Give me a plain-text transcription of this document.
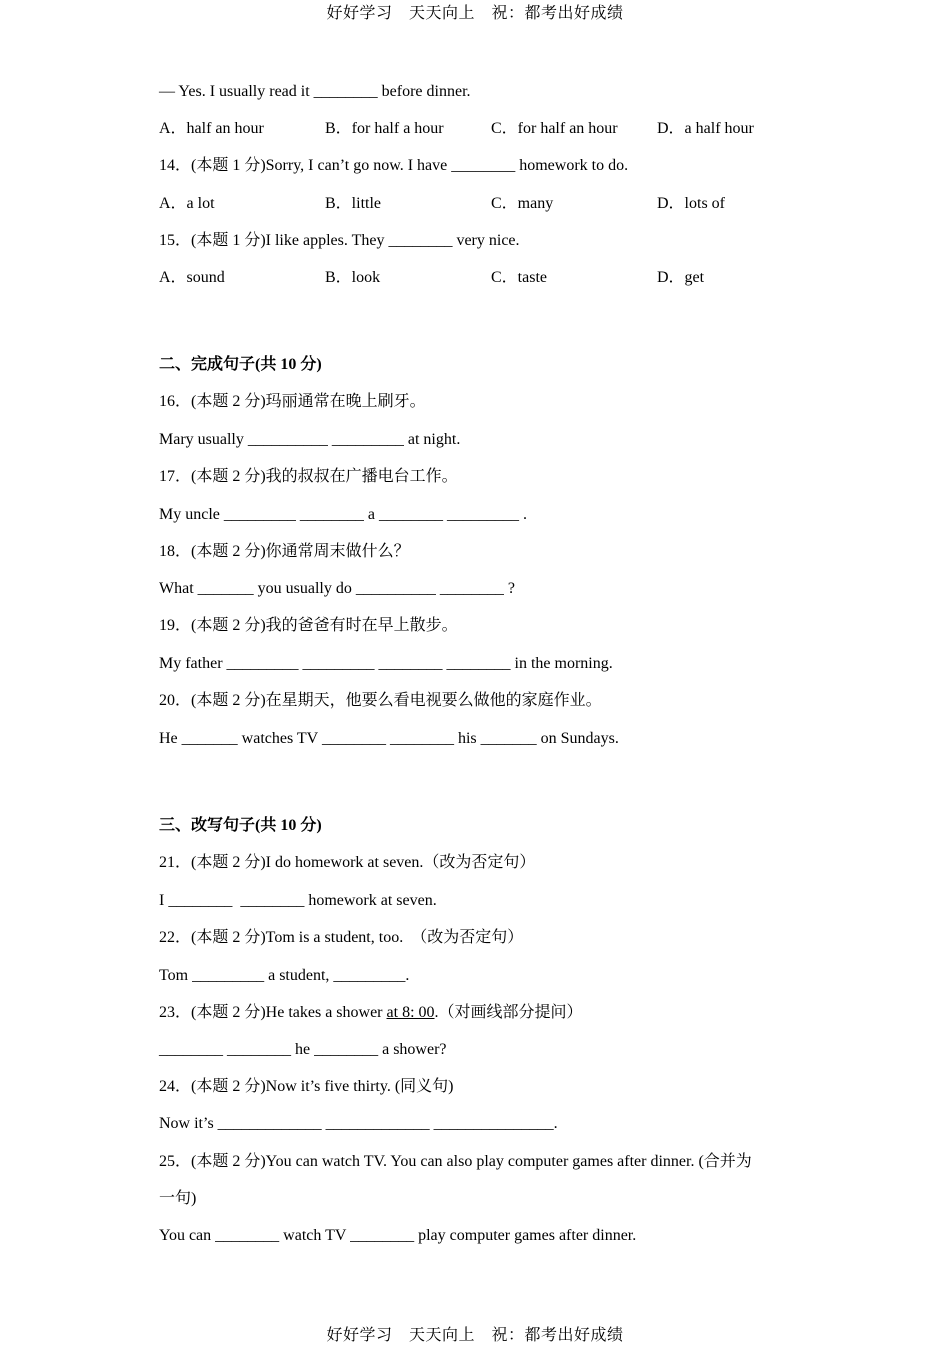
好好学习　天天向上　祝：都考出好成绩
— Yes. I usually read it ________ before dinner.
A．half an hour	B．for half a hour	C．for half an hour D．a half hour
14．(本题 1 分)Sorry, I can’t go now. I have ________ homework to do.
A．a lot	B．little	C．many	D．lots of
15．(本题 1 分)I like apples. They ________ very nice.
A．sound	B．look	C．taste	D．get
二、完成句子(共 10 分)
16．(本题 2 分)玛丽通常在晚上刷牙。
Mary usually __________ _________ at night.
17．(本题 2 分)我的叔叔在广播电台工作。
My uncle _________ ________ a ________ _________ .
18．(本题 2 分)你通常周末做什么？
What _______ you usually do __________ ________ ?
19．(本题 2 分)我的爸爸有时在早上散步。
My father _________ _________ ________ ________ in the morning.
20．(本题 2 分)在星期天，他要么看电视要么做他的家庭作业。
He _______ watches TV ________ ________ his _______ on Sundays.
三、改写句子(共 10 分)
21．(本题 2 分)I do homework at seven.（改为否定句）
I ________  ________ homework at seven.
22．(本题 2 分)Tom is a student, too.  （改为否定句）
Tom _________ a student, _________.
23．(本题 2 分)He takes a shower at 8: 00.（对画线部分提问）
________ ________ he ________ a shower?
24．(本题 2 分)Now it’s five thirty. (同义句)
Now it’s _____________ _____________ _______________.
25．(本题 2 分)You can watch TV. You can also play computer games after dinner. (合并为
一句)
You can ________ watch TV ________ play computer games after dinner.
好好学习　天天向上　祝：都考出好成绩
